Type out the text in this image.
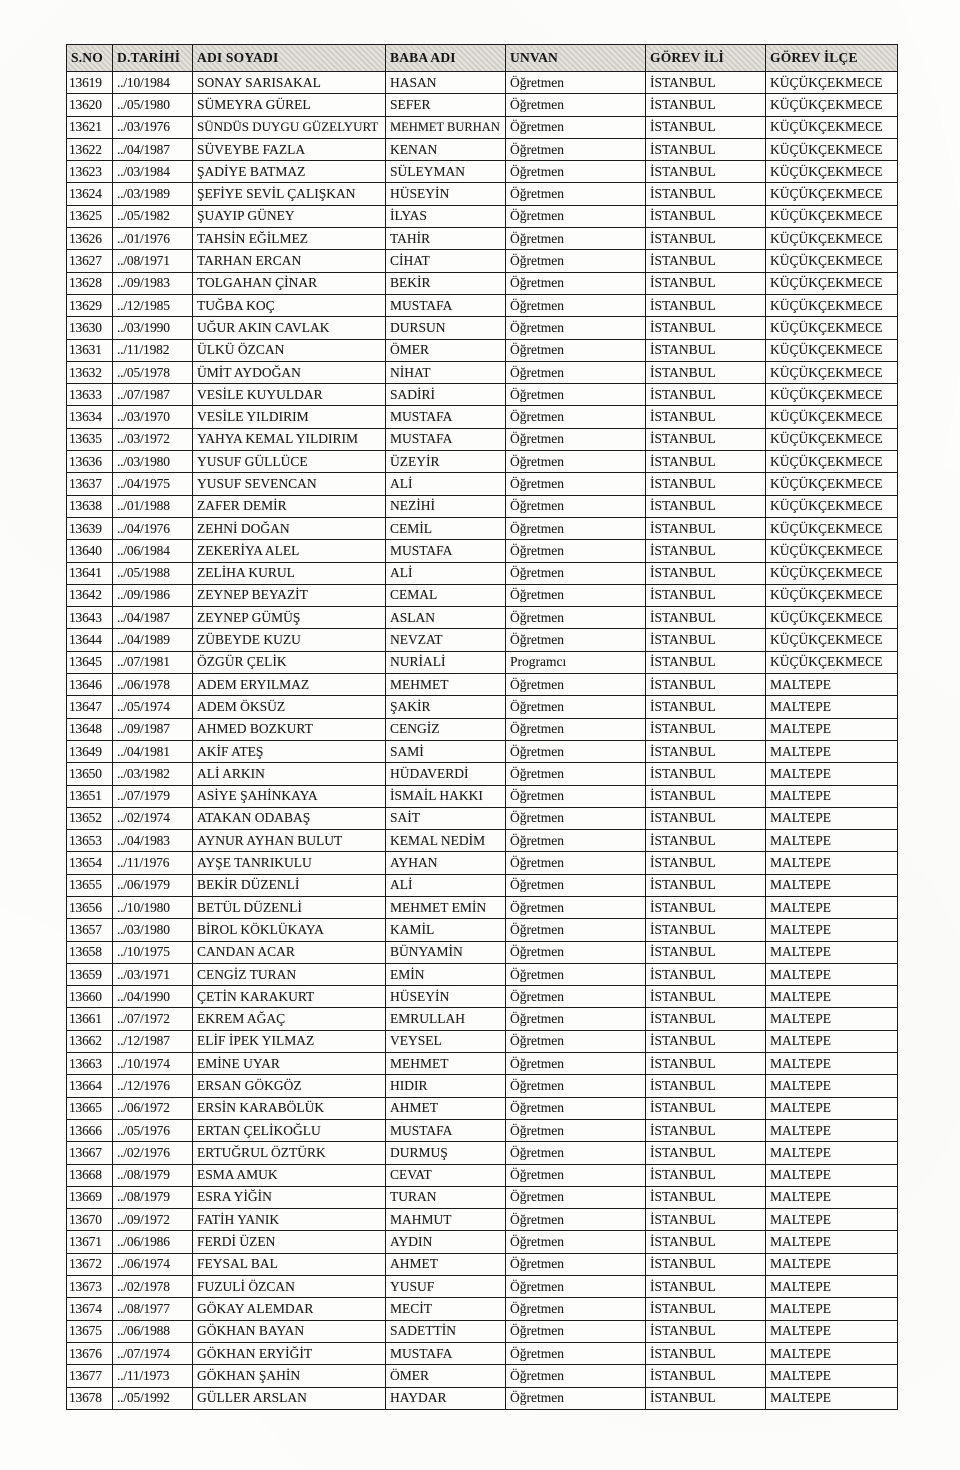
S.NO	D.TARİHİ	ADI SOYADI	BABA ADI	UNVAN	GÖREV İLİ	GÖREV İLÇE
13619	../10/1984	SONAY SARISAKAL	HASAN	Öğretmen	İSTANBUL	KÜÇÜKÇEKMECE
13620	../05/1980	SÜMEYRA GÜREL	SEFER	Öğretmen	İSTANBUL	KÜÇÜKÇEKMECE
13621	../03/1976	SÜNDÜS DUYGU GÜZELYURT	MEHMET BURHAN	Öğretmen	İSTANBUL	KÜÇÜKÇEKMECE
13622	../04/1987	SÜVEYBE FAZLA	KENAN	Öğretmen	İSTANBUL	KÜÇÜKÇEKMECE
13623	../03/1984	ŞADİYE BATMAZ	SÜLEYMAN	Öğretmen	İSTANBUL	KÜÇÜKÇEKMECE
13624	../03/1989	ŞEFİYE SEVİL ÇALIŞKAN	HÜSEYİN	Öğretmen	İSTANBUL	KÜÇÜKÇEKMECE
13625	../05/1982	ŞUAYIP GÜNEY	İLYAS	Öğretmen	İSTANBUL	KÜÇÜKÇEKMECE
13626	../01/1976	TAHSİN EĞİLMEZ	TAHİR	Öğretmen	İSTANBUL	KÜÇÜKÇEKMECE
13627	../08/1971	TARHAN ERCAN	CİHAT	Öğretmen	İSTANBUL	KÜÇÜKÇEKMECE
13628	../09/1983	TOLGAHAN ÇİNAR	BEKİR	Öğretmen	İSTANBUL	KÜÇÜKÇEKMECE
13629	../12/1985	TUĞBA KOÇ	MUSTAFA	Öğretmen	İSTANBUL	KÜÇÜKÇEKMECE
13630	../03/1990	UĞUR AKIN CAVLAK	DURSUN	Öğretmen	İSTANBUL	KÜÇÜKÇEKMECE
13631	../11/1982	ÜLKÜ ÖZCAN	ÖMER	Öğretmen	İSTANBUL	KÜÇÜKÇEKMECE
13632	../05/1978	ÜMİT AYDOĞAN	NİHAT	Öğretmen	İSTANBUL	KÜÇÜKÇEKMECE
13633	../07/1987	VESİLE KUYULDAR	SADİRİ	Öğretmen	İSTANBUL	KÜÇÜKÇEKMECE
13634	../03/1970	VESİLE YILDIRIM	MUSTAFA	Öğretmen	İSTANBUL	KÜÇÜKÇEKMECE
13635	../03/1972	YAHYA KEMAL YILDIRIM	MUSTAFA	Öğretmen	İSTANBUL	KÜÇÜKÇEKMECE
13636	../03/1980	YUSUF GÜLLÜCE	ÜZEYİR	Öğretmen	İSTANBUL	KÜÇÜKÇEKMECE
13637	../04/1975	YUSUF SEVENCAN	ALİ	Öğretmen	İSTANBUL	KÜÇÜKÇEKMECE
13638	../01/1988	ZAFER DEMİR	NEZİHİ	Öğretmen	İSTANBUL	KÜÇÜKÇEKMECE
13639	../04/1976	ZEHNİ DOĞAN	CEMİL	Öğretmen	İSTANBUL	KÜÇÜKÇEKMECE
13640	../06/1984	ZEKERİYA ALEL	MUSTAFA	Öğretmen	İSTANBUL	KÜÇÜKÇEKMECE
13641	../05/1988	ZELİHA KURUL	ALİ	Öğretmen	İSTANBUL	KÜÇÜKÇEKMECE
13642	../09/1986	ZEYNEP BEYAZİT	CEMAL	Öğretmen	İSTANBUL	KÜÇÜKÇEKMECE
13643	../04/1987	ZEYNEP GÜMÜŞ	ASLAN	Öğretmen	İSTANBUL	KÜÇÜKÇEKMECE
13644	../04/1989	ZÜBEYDE KUZU	NEVZAT	Öğretmen	İSTANBUL	KÜÇÜKÇEKMECE
13645	../07/1981	ÖZGÜR ÇELİK	NURİALİ	Programcı	İSTANBUL	KÜÇÜKÇEKMECE
13646	../06/1978	ADEM ERYILMAZ	MEHMET	Öğretmen	İSTANBUL	MALTEPE
13647	../05/1974	ADEM ÖKSÜZ	ŞAKİR	Öğretmen	İSTANBUL	MALTEPE
13648	../09/1987	AHMED BOZKURT	CENGİZ	Öğretmen	İSTANBUL	MALTEPE
13649	../04/1981	AKİF ATEŞ	SAMİ	Öğretmen	İSTANBUL	MALTEPE
13650	../03/1982	ALİ ARKIN	HÜDAVERDİ	Öğretmen	İSTANBUL	MALTEPE
13651	../07/1979	ASİYE ŞAHİNKAYA	İSMAİL HAKKI	Öğretmen	İSTANBUL	MALTEPE
13652	../02/1974	ATAKAN ODABAŞ	SAİT	Öğretmen	İSTANBUL	MALTEPE
13653	../04/1983	AYNUR AYHAN BULUT	KEMAL NEDİM	Öğretmen	İSTANBUL	MALTEPE
13654	../11/1976	AYŞE TANRIKULU	AYHAN	Öğretmen	İSTANBUL	MALTEPE
13655	../06/1979	BEKİR DÜZENLİ	ALİ	Öğretmen	İSTANBUL	MALTEPE
13656	../10/1980	BETÜL DÜZENLİ	MEHMET EMİN	Öğretmen	İSTANBUL	MALTEPE
13657	../03/1980	BİROL KÖKLÜKAYA	KAMİL	Öğretmen	İSTANBUL	MALTEPE
13658	../10/1975	CANDAN ACAR	BÜNYAMİN	Öğretmen	İSTANBUL	MALTEPE
13659	../03/1971	CENGİZ TURAN	EMİN	Öğretmen	İSTANBUL	MALTEPE
13660	../04/1990	ÇETİN KARAKURT	HÜSEYİN	Öğretmen	İSTANBUL	MALTEPE
13661	../07/1972	EKREM AĞAÇ	EMRULLAH	Öğretmen	İSTANBUL	MALTEPE
13662	../12/1987	ELİF İPEK YILMAZ	VEYSEL	Öğretmen	İSTANBUL	MALTEPE
13663	../10/1974	EMİNE UYAR	MEHMET	Öğretmen	İSTANBUL	MALTEPE
13664	../12/1976	ERSAN GÖKGÖZ	HIDIR	Öğretmen	İSTANBUL	MALTEPE
13665	../06/1972	ERSİN KARABÖLÜK	AHMET	Öğretmen	İSTANBUL	MALTEPE
13666	../05/1976	ERTAN ÇELİKOĞLU	MUSTAFA	Öğretmen	İSTANBUL	MALTEPE
13667	../02/1976	ERTUĞRUL ÖZTÜRK	DURMUŞ	Öğretmen	İSTANBUL	MALTEPE
13668	../08/1979	ESMA AMUK	CEVAT	Öğretmen	İSTANBUL	MALTEPE
13669	../08/1979	ESRA YİĞİN	TURAN	Öğretmen	İSTANBUL	MALTEPE
13670	../09/1972	FATİH YANIK	MAHMUT	Öğretmen	İSTANBUL	MALTEPE
13671	../06/1986	FERDİ ÜZEN	AYDIN	Öğretmen	İSTANBUL	MALTEPE
13672	../06/1974	FEYSAL BAL	AHMET	Öğretmen	İSTANBUL	MALTEPE
13673	../02/1978	FUZULİ ÖZCAN	YUSUF	Öğretmen	İSTANBUL	MALTEPE
13674	../08/1977	GÖKAY ALEMDAR	MECİT	Öğretmen	İSTANBUL	MALTEPE
13675	../06/1988	GÖKHAN BAYAN	SADETTİN	Öğretmen	İSTANBUL	MALTEPE
13676	../07/1974	GÖKHAN ERYİĞİT	MUSTAFA	Öğretmen	İSTANBUL	MALTEPE
13677	../11/1973	GÖKHAN ŞAHİN	ÖMER	Öğretmen	İSTANBUL	MALTEPE
13678	../05/1992	GÜLLER ARSLAN	HAYDAR	Öğretmen	İSTANBUL	MALTEPE
